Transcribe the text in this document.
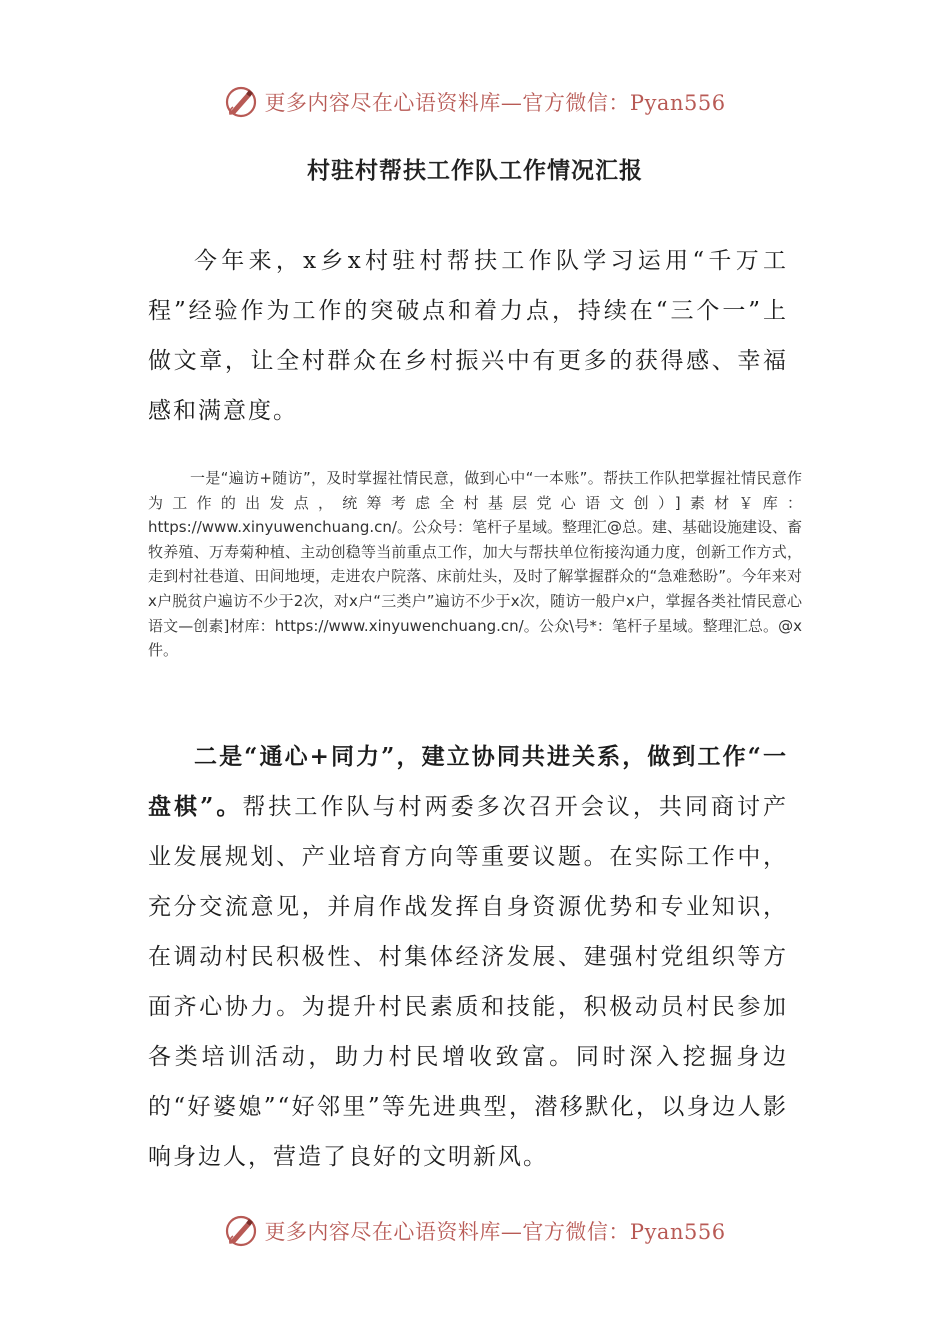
更多内容尽在心语资料库—官方微信：Pyan556
村驻村帮扶工作队工作情况汇报

今年来，x乡x村驻村帮扶工作队学习运用“千万工程”经验作为工作的突破点和着力点，持续在“三个一”上做文章，让全村群众在乡村振兴中有更多的获得感、幸福感和满意度。

一是“遍访+随访”，及时掌握社情民意，做到心中“一本账”。帮扶工作队把掌握社情民意作为工作的出发点，统筹考虑全村基层党心语文创）]素材￥库：https://www.xinyuwenchuang.cn/。公众号：笔杆子星域。整理汇@总。建、基础设施建设、畜牧养殖、万寿菊种植、主动创稳等当前重点工作，加大与帮扶单位衔接沟通力度，创新工作方式，走到村社巷道、田间地埂，走进农户院落、床前灶头，及时了解掌握群众的“急难愁盼”。今年来对x户脱贫户遍访不少于2次，对x户“三类户”遍访不少于x次，随访一般户x户，掌握各类社情民意心语文—创素]材库：https://www.xinyuwenchuang.cn/。公众\号*：笔杆子星域。整理汇总。@x件。

二是“通心+同力”，建立协同共进关系，做到工作“一盘棋”。帮扶工作队与村两委多次召开会议，共同商讨产业发展规划、产业培育方向等重要议题。在实际工作中，充分交流意见，并肩作战发挥自身资源优势和专业知识，在调动村民积极性、村集体经济发展、建强村党组织等方面齐心协力。为提升村民素质和技能，积极动员村民参加各类培训活动，助力村民增收致富。同时深入挖掘身边的“好婆媳”“好邻里”等先进典型，潜移默化，以身边人影响身边人，营造了良好的文明新风。

更多内容尽在心语资料库—官方微信：Pyan556
